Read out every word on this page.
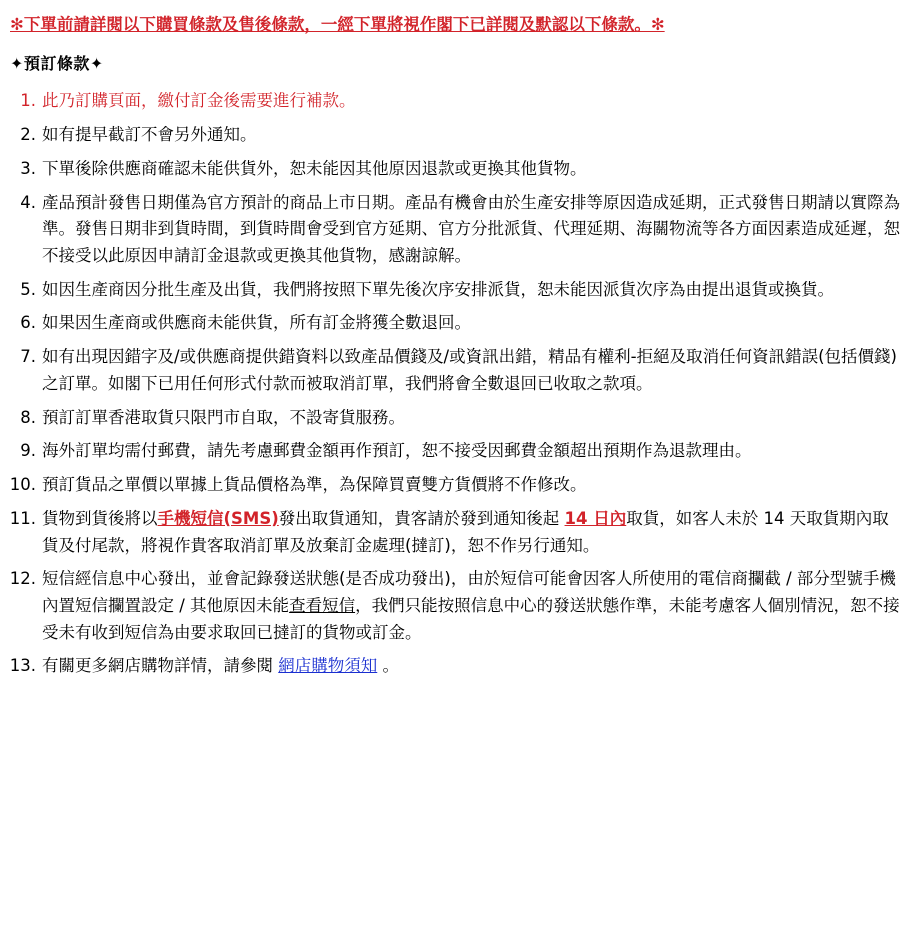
✻下單前請詳閱以下購買條款及售後條款，一經下單將視作閣下已詳閱及默認以下條款。✻
✦預訂條款✦
此乃訂購頁面，繳付訂金後需要進行補款。
如有提早截訂不會另外通知。
下單後除供應商確認未能供貨外，恕未能因其他原因退款或更換其他貨物。
產品預計發售日期僅為官方預計的商品上市日期。產品有機會由於生產安排等原因造成延期，正式發售日期請以實際為準。發售日期非到貨時間，到貨時間會受到官方延期、官方分批派貨、代理延期、海關物流等各方面因素造成延遲，恕不接受以此原因申請訂金退款或更換其他貨物，感謝諒解。
如因生產商因分批生產及出貨，我們將按照下單先後次序安排派貨，恕未能因派貨次序為由提出退貨或換貨。
如果因生產商或供應商未能供貨，所有訂金將獲全數退回。
如有出現因錯字及/或供應商提供錯資料以致產品價錢及/或資訊出錯，精品有權利-拒絕及取消任何資訊錯誤(包括價錢) 之訂單。如閣下已用任何形式付款而被取消訂單，我們將會全數退回已收取之款項。
預訂訂單香港取貨只限門市自取，不設寄貨服務。
海外訂單均需付郵費，請先考慮郵費金額再作預訂，恕不接受因郵費金額超出預期作為退款理由。
預訂貨品之單價以單據上貨品價格為準，為保障買賣雙方貨價將不作修改。
貨物到貨後將以手機短信(SMS)發出取貨通知，貴客請於發到通知後起 14 日內取貨，如客人未於 14 天取貨期內取貨及付尾款，將視作貴客取消訂單及放棄訂金處理(撻訂)，恕不作另行通知。
短信經信息中心發出，並會記錄發送狀態(是否成功發出)，由於短信可能會因客人所使用的電信商攔截 / 部分型號手機內置短信攔置設定 / 其他原因未能查看短信，我們只能按照信息中心的發送狀態作準，未能考慮客人個別情況，恕不接受未有收到短信為由要求取回已撻訂的貨物或訂金。
有關更多網店購物詳情，請參閱 網店購物須知 。
